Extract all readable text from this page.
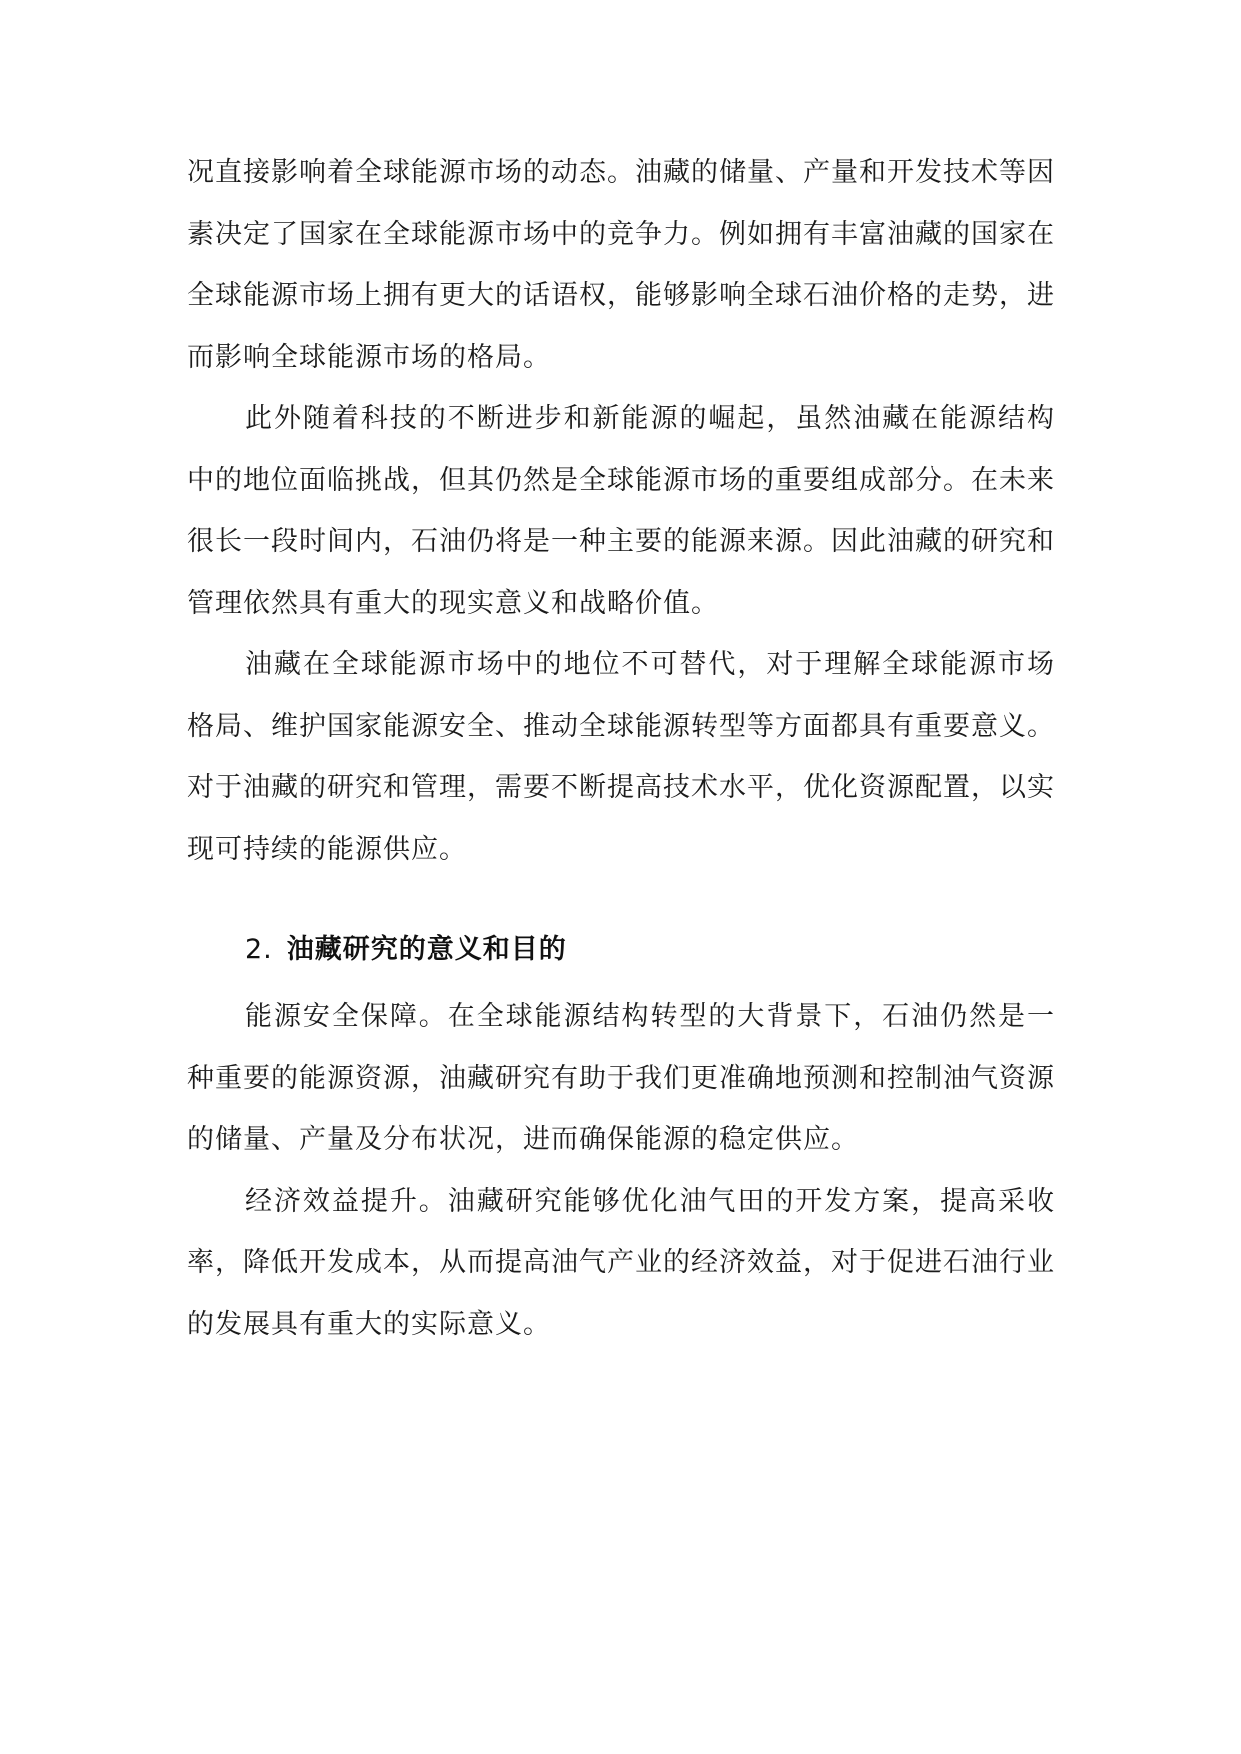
况直接影响着全球能源市场的动态。油藏的储量、产量和开发技术等因素决定了国家在全球能源市场中的竞争力。例如拥有丰富油藏的国家在全球能源市场上拥有更大的话语权，能够影响全球石油价格的走势，进而影响全球能源市场的格局。

此外随着科技的不断进步和新能源的崛起，虽然油藏在能源结构中的地位面临挑战，但其仍然是全球能源市场的重要组成部分。在未来很长一段时间内，石油仍将是一种主要的能源来源。因此油藏的研究和管理依然具有重大的现实意义和战略价值。

油藏在全球能源市场中的地位不可替代，对于理解全球能源市场格局、维护国家能源安全、推动全球能源转型等方面都具有重要意义。对于油藏的研究和管理，需要不断提高技术水平，优化资源配置，以实现可持续的能源供应。

2. 油藏研究的意义和目的

能源安全保障。在全球能源结构转型的大背景下，石油仍然是一种重要的能源资源，油藏研究有助于我们更准确地预测和控制油气资源的储量、产量及分布状况，进而确保能源的稳定供应。

经济效益提升。油藏研究能够优化油气田的开发方案，提高采收率，降低开发成本，从而提高油气产业的经济效益，对于促进石油行业的发展具有重大的实际意义。
